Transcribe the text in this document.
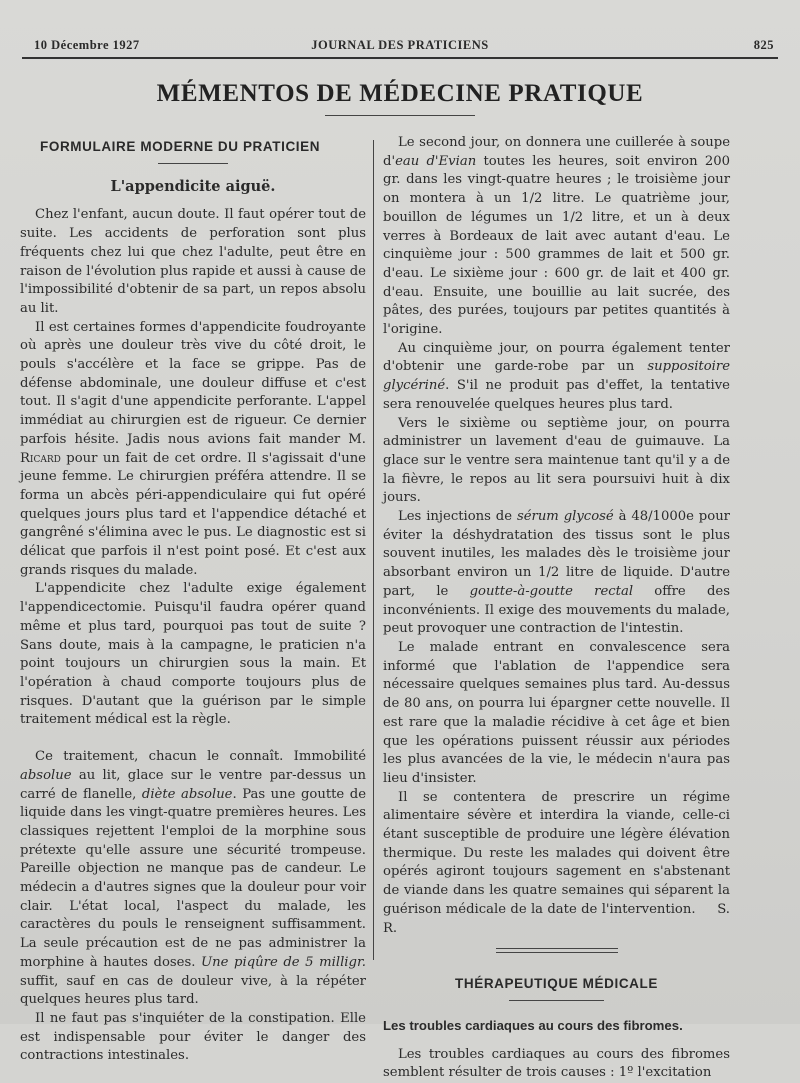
10 Décembre 1927	JOURNAL DES PRATICIENS	825
MÉMENTOS DE MÉDECINE PRATIQUE
FORMULAIRE MODERNE DU PRATICIEN
L'appendicite aiguë.

Chez l'enfant, aucun doute. Il faut opérer tout de suite. Les accidents de perforation sont plus fréquents chez lui que chez l'adulte, peut être en raison de l'évolution plus rapide et aussi à cause de l'impossibilité d'obtenir de sa part, un repos absolu au lit.

Il est certaines formes d'appendicite foudroyante où après une douleur très vive du côté droit, le pouls s'accélère et la face se grippe. Pas de défense abdominale, une douleur diffuse et c'est tout. Il s'agit d'une appendicite perforante. L'appel immédiat au chirurgien est de rigueur. Ce dernier parfois hésite. Jadis nous avions fait mander M. Ricard pour un fait de cet ordre. Il s'agissait d'une jeune femme. Le chirurgien préféra attendre. Il se forma un abcès péri-appendiculaire qui fut opéré quelques jours plus tard et l'appendice détaché et gangrêné s'élimina avec le pus. Le diagnostic est si délicat que parfois il n'est point posé. Et c'est aux grands risques du malade.

L'appendicite chez l'adulte exige également l'appendicectomie. Puisqu'il faudra opérer quand même et plus tard, pourquoi pas tout de suite ? Sans doute, mais à la campagne, le praticien n'a point toujours un chirurgien sous la main. Et l'opération à chaud comporte toujours plus de risques. D'autant que la guérison par le simple traitement médical est la règle.

Ce traitement, chacun le connaît. Immobilité absolue au lit, glace sur le ventre par-dessus un carré de flanelle, diète absolue. Pas une goutte de liquide dans les vingt-quatre premières heures. Les classiques rejettent l'emploi de la morphine sous prétexte qu'elle assure une sécurité trompeuse. Pareille objection ne manque pas de candeur. Le médecin a d'autres signes que la douleur pour voir clair. L'état local, l'aspect du malade, les caractères du pouls le renseignent suffisamment. La seule précaution est de ne pas administrer la morphine à hautes doses. Une piqûre de 5 milligr. suffit, sauf en cas de douleur vive, à la répéter quelques heures plus tard.

Il ne faut pas s'inquiéter de la constipation. Elle est indispensable pour éviter le danger des contractions intestinales.

Le second jour, on donnera une cuillerée à soupe d'eau d'Evian toutes les heures, soit environ 200 gr. dans les vingt-quatre heures ; le troisième jour on montera à un 1/2 litre. Le quatrième jour, bouillon de légumes un 1/2 litre, et un à deux verres à Bordeaux de lait avec autant d'eau. Le cinquième jour : 500 grammes de lait et 500 gr. d'eau. Le sixième jour : 600 gr. de lait et 400 gr. d'eau. Ensuite, une bouillie au lait sucrée, des pâtes, des purées, toujours par petites quantités à l'origine.

Au cinquième jour, on pourra également tenter d'obtenir une garde-robe par un suppositoire glycériné. S'il ne produit pas d'effet, la tentative sera renouvelée quelques heures plus tard.

Vers le sixième ou septième jour, on pourra administrer un lavement d'eau de guimauve. La glace sur le ventre sera maintenue tant qu'il y a de la fièvre, le repos au lit sera poursuivi huit à dix jours.

Les injections de sérum glycosé à 48/1000e pour éviter la déshydratation des tissus sont le plus souvent inutiles, les malades dès le troisième jour absorbant environ un 1/2 litre de liquide. D'autre part, le goutte-à-goutte rectal offre des inconvénients. Il exige des mouvements du malade, peut provoquer une contraction de l'intestin.

Le malade entrant en convalescence sera informé que l'ablation de l'appendice sera nécessaire quelques semaines plus tard. Au-dessus de 80 ans, on pourra lui épargner cette nouvelle. Il est rare que la maladie récidive à cet âge et bien que les opérations puissent réussir aux périodes les plus avancées de la vie, le médecin n'aura pas lieu d'insister.

Il se contentera de prescrire un régime alimentaire sévère et interdira la viande, celle-ci étant susceptible de produire une légère élévation thermique. Du reste les malades qui doivent être opérés agiront toujours sagement en s'abstenant de viande dans les quatre semaines qui séparent la guérison médicale de la date de l'intervention. S. R.

THÉRAPEUTIQUE MÉDICALE
Les troubles cardiaques au cours des fibromes.

Les troubles cardiaques au cours des fibromes semblent résulter de trois causes : 1º l'excitation
